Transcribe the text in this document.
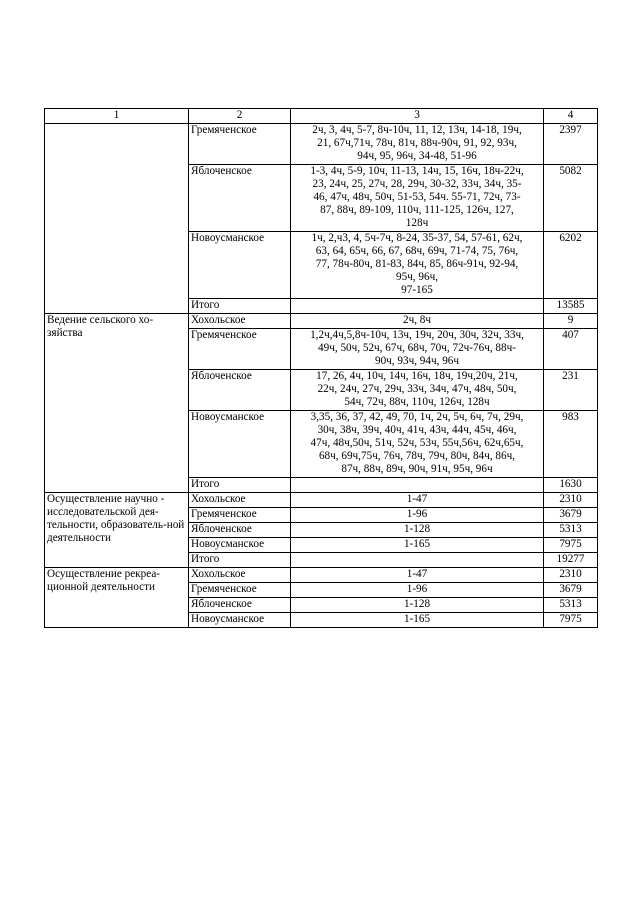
1	2	3	4
	Гремяченское	2ч, 3, 4ч, 5-7, 8ч-10ч, 11, 12, 13ч, 14-18, 19ч,
21, 67ч,71ч, 78ч, 81ч, 88ч-90ч, 91, 92, 93ч,
94ч, 95, 96ч, 34-48, 51-96	2397
	Яблоченское	1-3, 4ч, 5-9, 10ч, 11-13, 14ч, 15, 16ч, 18ч-22ч,
23, 24ч, 25, 27ч, 28, 29ч, 30-32, 33ч, 34ч, 35-
46, 47ч, 48ч, 50ч, 51-53, 54ч. 55-71, 72ч, 73-
87, 88ч, 89-109, 110ч, 111-125, 126ч, 127,
128ч	5082
	Новоусманское	1ч, 2,ч3, 4, 5ч-7ч, 8-24, 35-37, 54, 57-61, 62ч,
63, 64, 65ч, 66, 67, 68ч, 69ч, 71-74, 75, 76ч,
77, 78ч-80ч, 81-83, 84ч, 85, 86ч-91ч, 92-94,
95ч, 96ч,
97-165	6202
	Итого		13585
Ведение сельского хо-зяйства	Хохольское	2ч, 8ч	9
	Гремяченское	1,2ч,4ч,5,8ч-10ч, 13ч, 19ч, 20ч, 30ч, 32ч, 33ч,
49ч, 50ч, 52ч, 67ч, 68ч, 70ч, 72ч-76ч, 88ч-
90ч, 93ч, 94ч, 96ч	407
	Яблоченское	17, 26, 4ч, 10ч, 14ч, 16ч, 18ч, 19ч,20ч, 21ч,
22ч, 24ч, 27ч, 29ч, 33ч, 34ч, 47ч, 48ч, 50ч,
54ч, 72ч, 88ч, 110ч, 126ч, 128ч	231
	Новоусманское	3,35, 36, 37, 42, 49, 70, 1ч, 2ч, 5ч, 6ч, 7ч, 29ч,
30ч, 38ч, 39ч, 40ч, 41ч, 43ч, 44ч, 45ч, 46ч,
47ч, 48ч,50ч, 51ч, 52ч, 53ч, 55ч,56ч, 62ч,65ч,
68ч, 69ч,75ч, 76ч, 78ч, 79ч, 80ч, 84ч, 86ч,
87ч, 88ч, 89ч, 90ч, 91ч, 95ч, 96ч	983
	Итого		1630
Осуществление научно - исследовательской дея-тельности, образователь-ной деятельности	Хохольское	1-47	2310
	Гремяченское	1-96	3679
	Яблоченское	1-128	5313
	Новоусманское	1-165	7975
	Итого		19277
Осуществление рекреа-ционной деятельности	Хохольское	1-47	2310
	Гремяченское	1-96	3679
	Яблоченское	1-128	5313
	Новоусманское	1-165	7975
